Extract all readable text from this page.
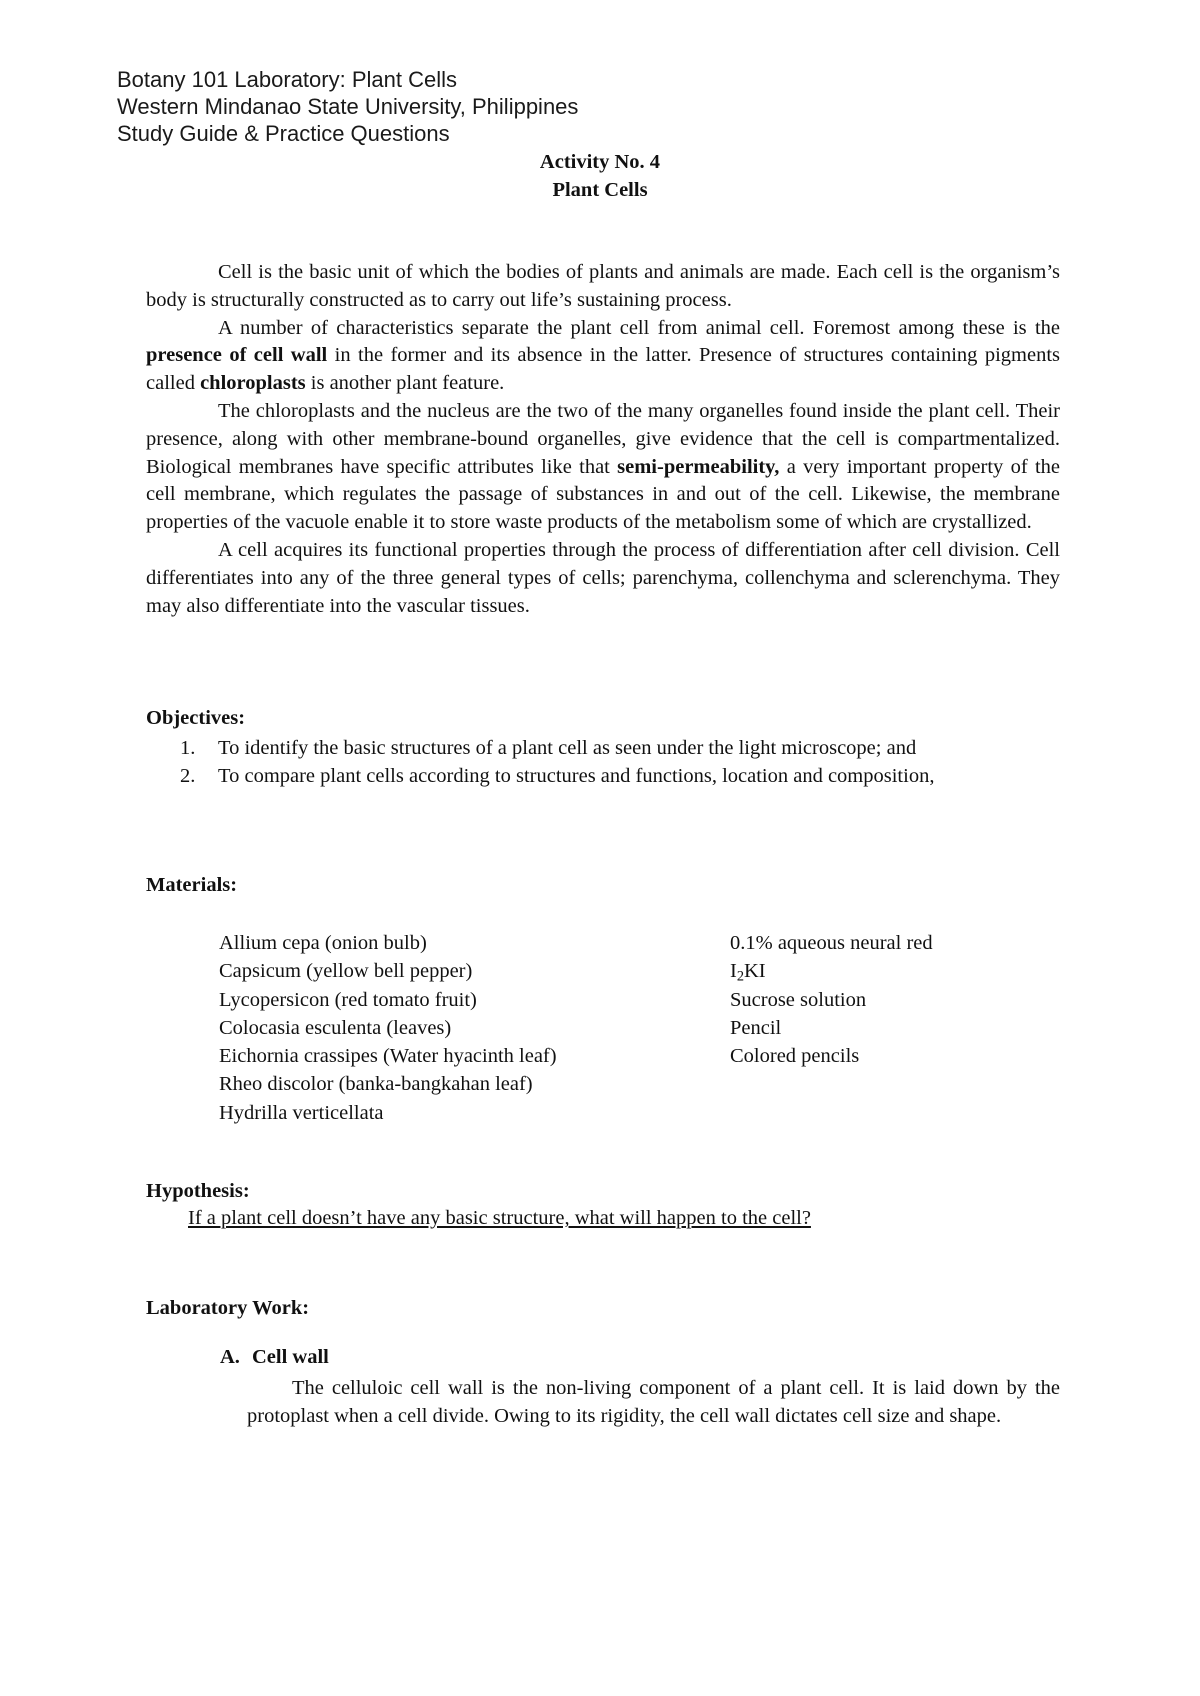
Botany 101 Laboratory: Plant Cells
Western Mindanao State University, Philippines
Study Guide & Practice Questions
Activity No. 4
Plant Cells

Cell is the basic unit of which the bodies of plants and animals are made. Each cell is the organism’s body is structurally constructed as to carry out life’s sustaining process.

A number of characteristics separate the plant cell from animal cell. Foremost among these is the presence of cell wall in the former and its absence in the latter. Presence of structures containing pigments called chloroplasts is another plant feature.

The chloroplasts and the nucleus are the two of the many organelles found inside the plant cell. Their presence, along with other membrane-bound organelles, give evidence that the cell is compartmentalized. Biological membranes have specific attributes like that semi-permeability, a very important property of the cell membrane, which regulates the passage of substances in and out of the cell. Likewise, the membrane properties of the vacuole enable it to store waste products of the metabolism some of which are crystallized.

A cell acquires its functional properties through the process of differentiation after cell division. Cell differentiates into any of the three general types of cells; parenchyma, collenchyma and sclerenchyma. They may also differentiate into the vascular tissues.

Objectives:
1. To identify the basic structures of a plant cell as seen under the light microscope; and
2. To compare plant cells according to structures and functions, location and composition,
Materials:
Allium cepa (onion bulb)
Capsicum (yellow bell pepper)
Lycopersicon (red tomato fruit)
Colocasia esculenta (leaves)
Eichornia crassipes (Water hyacinth leaf)
Rheo discolor (banka-bangkahan leaf)
Hydrilla verticellata
0.1% aqueous neural red
$I_2KI$
Sucrose solution
Pencil
Colored pencils
Hypothesis:
If a plant cell doesn’t have any basic structure, what will happen to the cell?
Laboratory Work:
A. Cell wall

The celluloic cell wall is the non-living component of a plant cell. It is laid down by the protoplast when a cell divide. Owing to its rigidity, the cell wall dictates cell size and shape.
